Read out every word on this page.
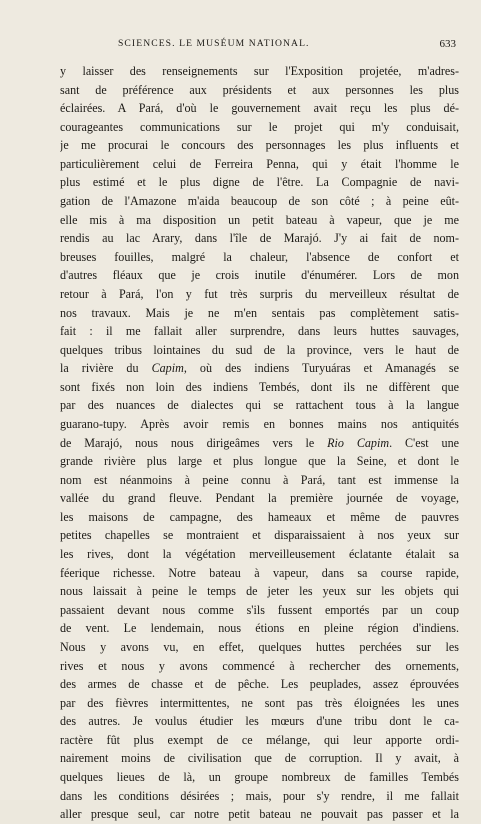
SCIENCES. LE MUSÉUM NATIONAL.	633
y laisser des renseignements sur l'Exposition projetée, m'adres-
sant de préférence aux présidents et aux personnes les plus
éclairées. A Pará, d'où le gouvernement avait reçu les plus dé-
courageantes communications sur le projet qui m'y conduisait,
je me procurai le concours des personnages les plus influents et
particulièrement celui de Ferreira Penna, qui y était l'homme le
plus estimé et le plus digne de l'être. La Compagnie de navi-
gation de l'Amazone m'aida beaucoup de son côté ; à peine eût-
elle mis à ma disposition un petit bateau à vapeur, que je me
rendis au lac Arary, dans l'île de Marajó. J'y ai fait de nom-
breuses fouilles, malgré la chaleur, l'absence de confort et
d'autres fléaux que je crois inutile d'énumérer. Lors de mon
retour à Pará, l'on y fut très surpris du merveilleux résultat de
nos travaux. Mais je ne m'en sentais pas complètement satis-
fait : il me fallait aller surprendre, dans leurs huttes sauvages,
quelques tribus lointaines du sud de la province, vers le haut de
la rivière du Capim, où des indiens Turyuáras et Amanagés se
sont fixés non loin des indiens Tembés, dont ils ne diffèrent que
par des nuances de dialectes qui se rattachent tous à la langue
guarano-tupy. Après avoir remis en bonnes mains nos antiquités
de Marajó, nous nous dirigeâmes vers le Rio Capim. C'est une
grande rivière plus large et plus longue que la Seine, et dont le
nom est néanmoins à peine connu à Pará, tant est immense la
vallée du grand fleuve. Pendant la première journée de voyage,
les maisons de campagne, des hameaux et même de pauvres
petites chapelles se montraient et disparaissaient à nos yeux sur
les rives, dont la végétation merveilleusement éclatante étalait sa
féerique richesse. Notre bateau à vapeur, dans sa course rapide,
nous laissait à peine le temps de jeter les yeux sur les objets qui
passaient devant nous comme s'ils fussent emportés par un coup
de vent. Le lendemain, nous étions en pleine région d'indiens.
Nous y avons vu, en effet, quelques huttes perchées sur les
rives et nous y avons commencé à rechercher des ornements,
des armes de chasse et de pêche. Les peuplades, assez éprouvées
par des fièvres intermittentes, ne sont pas très éloignées les unes
des autres. Je voulus étudier les mœurs d'une tribu dont le ca-
ractère fût plus exempt de ce mélange, qui leur apporte ordi-
nairement moins de civilisation que de corruption. Il y avait, à
quelques lieues de là, un groupe nombreux de familles Tembés
dans les conditions désirées ; mais, pour s'y rendre, il me fallait
aller presque seul, car notre petit bateau ne pouvait pas passer et la
